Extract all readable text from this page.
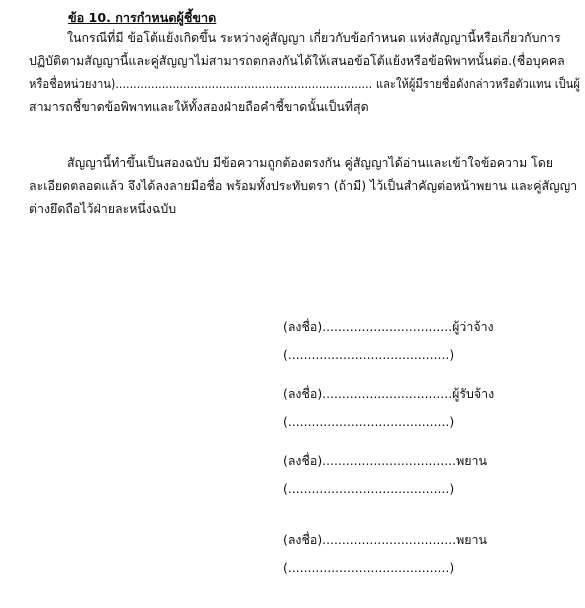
ข้อ 10. การกำหนดผู้ชี้ขาด
ในกรณีที่มี ข้อโต้แย้งเกิดขึ้น ระหว่างคู่สัญญา เกี่ยวกับข้อกำหนด แห่งสัญญานี้หรือเกี่ยวกับการ
ปฏิบัติตามสัญญานี้และคู่สัญญาไม่สามารถตกลงกันได้ให้เสนอข้อโต้แย้งหรือข้อพิพาทนั้นต่อ.(ชื่อบุคคล
หรือชื่อหน่วยงาน)........................................................................ และให้ผู้มีรายชื่อดังกล่าวหรือตัวแทน เป็นผู้
สามารถชี้ขาดข้อพิพาทและให้ทั้งสองฝ่ายถือคำชี้ขาดนั้นเป็นที่สุด
สัญญานี้ทำขึ้นเป็นสองฉบับ มีข้อความถูกต้องตรงกัน คู่สัญญาได้อ่านและเข้าใจข้อความ โดย
ละเอียดตลอดแล้ว จึงได้ลงลายมือชื่อ พร้อมทั้งประทับตรา (ถ้ามี) ไว้เป็นสำคัญต่อหน้าพยาน และคู่สัญญา
ต่างยึดถือไว้ฝ่ายละหนึ่งฉบับ
(ลงชื่อ).................................ผู้ว่าจ้าง
(.........................................)
(ลงชื่อ).................................ผู้รับจ้าง
(.........................................)
(ลงชื่อ)..................................พยาน
(.........................................)
(ลงชื่อ)..................................พยาน
(.........................................)
